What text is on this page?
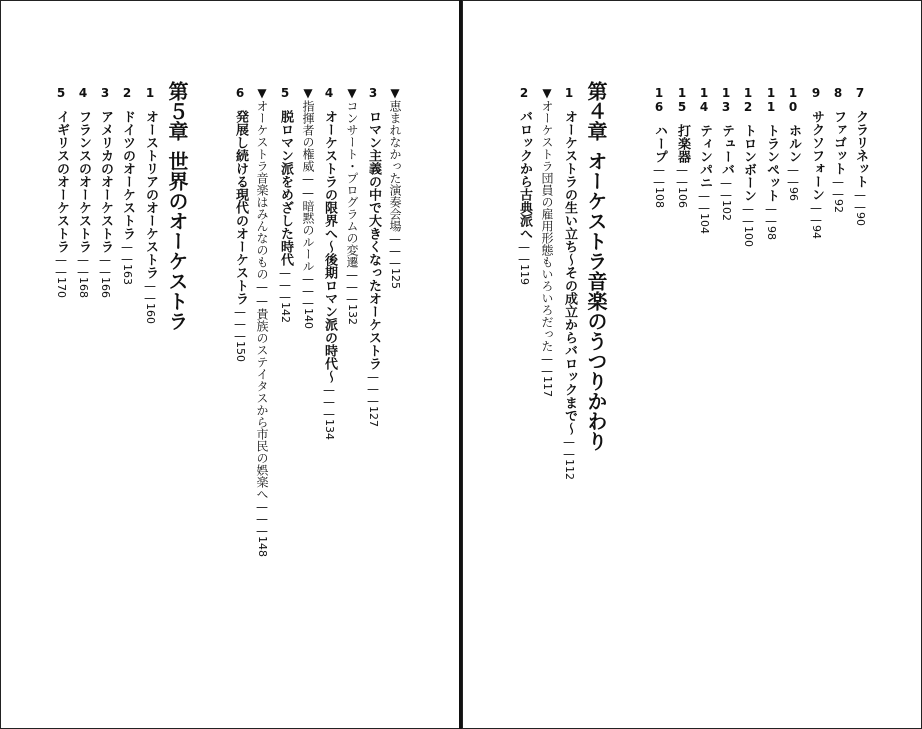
▼恵まれなかった演奏会場———125
3ロマン主義の中で大きくなったオーケストラ———127
▼コンサート・プログラムの変遷———132
4オーケストラの限界へ〜後期ロマン派の時代〜———134
▼指揮者の権威——暗黙のルール———140
5脱ロマン派をめざした時代———142
▼オーケストラ音楽はみんなのもの——貴族のステイタスから市民の娯楽へ———148
6発展し続ける現代のオーケストラ———150
第５章世界のオーケストラ
1オーストリアのオーケストラ——160
2ドイツのオーケストラ——163
3アメリカのオーケストラ——166
4フランスのオーケストラ——168
5イギリスのオーケストラ——170
7クラリネット——90
8ファゴット——92
9サクソフォーン——94
10ホルン——96
11トランペット——98
12トロンボーン——100
13テューバ——102
14ティンパニ——104
15打楽器——106
16ハープ——108
第４章オーケストラ音楽のうつりかわり
1オーケストラの生い立ち〜その成立からバロックまで〜——112
▼オーケストラ団員の雇用形態もいろいろだった——117
2バロックから古典派へ——119
